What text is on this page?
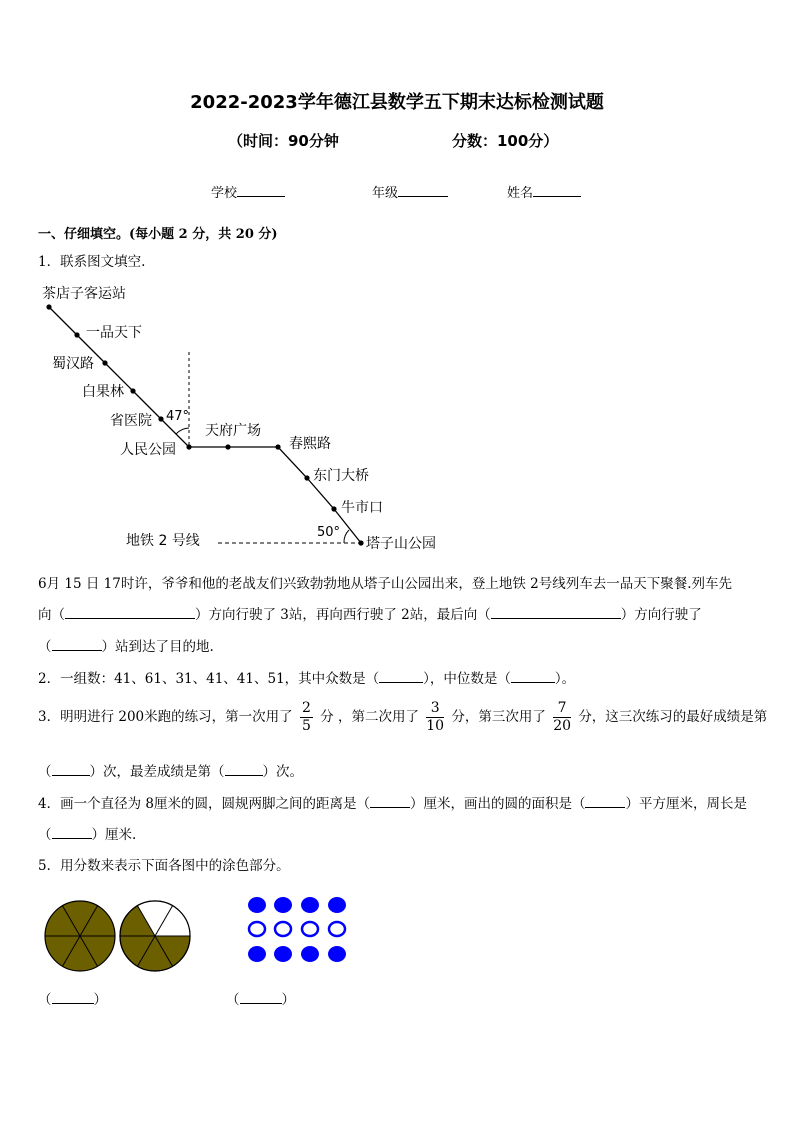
2022-2023学年德江县数学五下期末达标检测试题
（时间：90分钟	分数：100分）
学校	年级	姓名
一、仔细填空。(每小题 2 分，共 20 分)
1．联系图文填空.
茶店子客运站
一品天下
蜀汉路
白果林
省医院
人民公园
天府广场
春熙路
东门大桥
牛市口
塔子山公园
47°
50°
地铁 2 号线
6月 15 日 17时许，爷爷和他的老战友们兴致勃勃地从塔子山公园出来，登上地铁 2号线列车去一品天下聚餐.列车先
向（	）方向行驶了 3站，再向西行驶了 2站，最后向（	）方向行驶了
（	）站到达了目的地.
2．一组数：41、61、31、41、41、51，其中众数是（	），中位数是（	）。
3．明明进行 200米跑的练习，第一次用了 $\frac{2}{5}$ 分 ，第二次用了 $\frac{3}{10}$ 分，第三次用了 $\frac{7}{20}$ 分，这三次练习的最好成绩是第
（	）次，最差成绩是第（	）次。
4．画一个直径为 8厘米的圆，圆规两脚之间的距离是（	）厘米，画出的圆的面积是（	）平方厘米，周长是
（	）厘米.
5．用分数来表示下面各图中的涂色部分。
（	）	（	）
